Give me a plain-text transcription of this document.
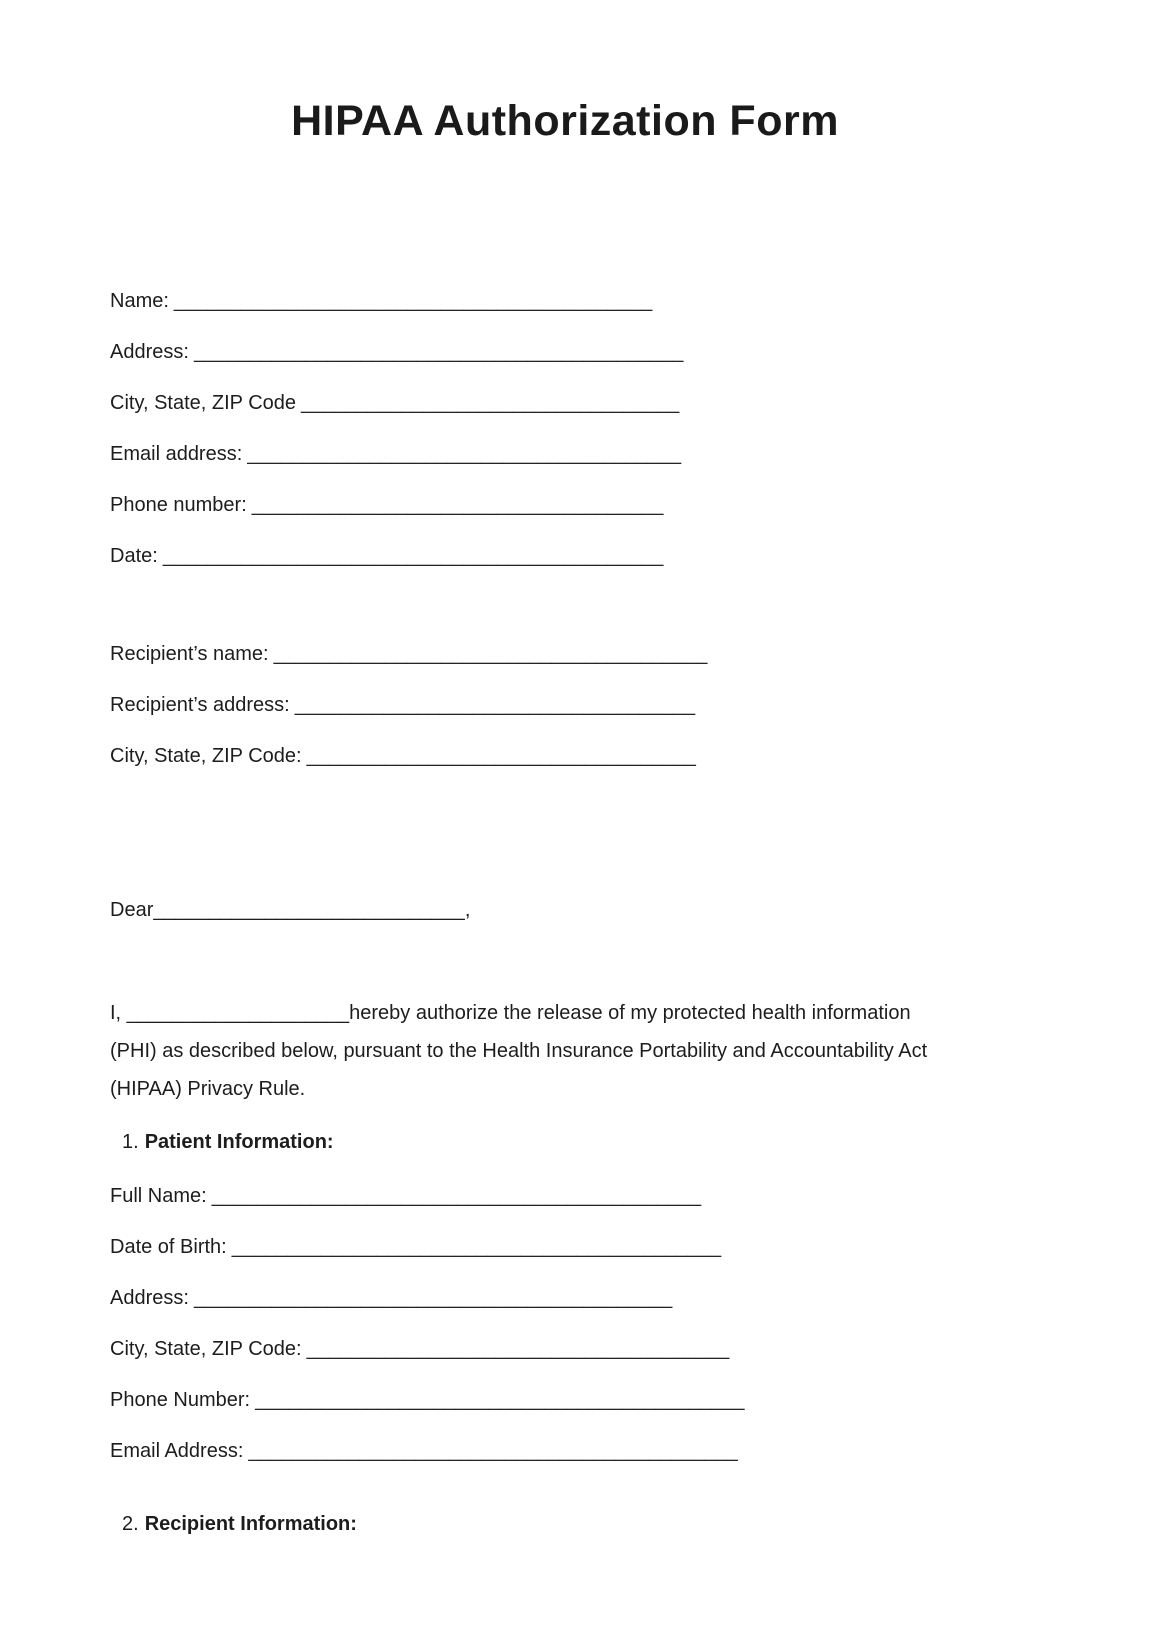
HIPAA Authorization Form

Name: ___________________________________________

Address: ____________________________________________

City, State, ZIP Code __________________________________

Email address: _______________________________________

Phone number: _____________________________________

Date: _____________________________________________

Recipient’s name: _______________________________________

Recipient’s address: ____________________________________

City, State, ZIP Code: ___________________________________

Dear____________________________,
I, ____________________hereby authorize the release of my protected health information
(PHI) as described below, pursuant to the Health Insurance Portability and Accountability Act
(HIPAA) Privacy Rule.
1. Patient Information:

Full Name: ____________________________________________

Date of Birth: ____________________________________________

Address: ___________________________________________

City, State, ZIP Code: ______________________________________

Phone Number: ____________________________________________

Email Address: ____________________________________________

2. Recipient Information:
